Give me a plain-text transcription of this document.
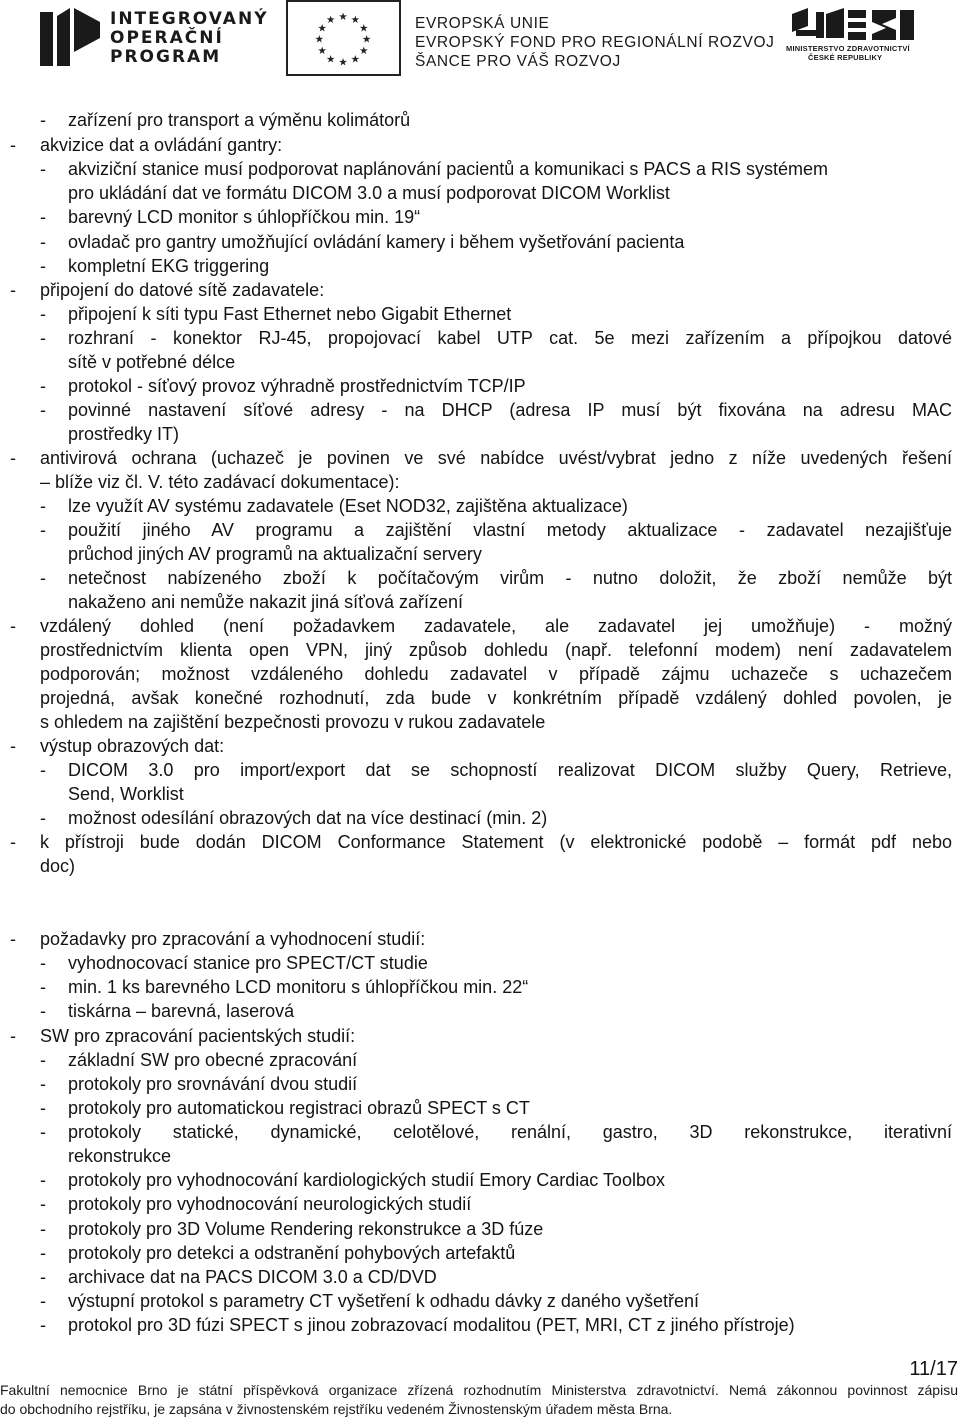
INTEGROVANÝ
OPERAČNÍ
PROGRAM
★ ★
★
★
★
★
★
★
★
★
★
★	EVROPSKÁ UNIE
EVROPSKÝ FOND PRO REGIONÁLNÍ ROZVOJ
ŠANCE PRO VÁŠ ROZVOJ
MINISTERSTVO ZDRAVOTNICTVÍ
ČESKÉ REPUBLIKY
- zařízení pro transport a výměnu kolimátorů
- akvizice dat a ovládání gantry:
- akviziční stanice musí podporovat naplánování pacientů a komunikaci s PACS a RIS systémem
pro ukládání dat ve formátu DICOM 3.0 a musí podporovat DICOM Worklist
- barevný LCD monitor s úhlopříčkou min. 19“
- ovladač pro gantry umožňující ovládání kamery i během vyšetřování pacienta
- kompletní EKG triggering
- připojení do datové sítě zadavatele:
- připojení k síti typu Fast Ethernet nebo Gigabit Ethernet
- rozhraní - konektor RJ-45, propojovací kabel UTP cat. 5e mezi zařízením a přípojkou datové
sítě v potřebné délce
- protokol - síťový provoz výhradně prostřednictvím TCP/IP
- povinné nastavení síťové adresy - na DHCP (adresa IP musí být fixována na adresu MAC
prostředky IT)
- antivirová ochrana (uchazeč je povinen ve své nabídce uvést/vybrat jedno z níže uvedených řešení
– blíže viz čl. V. této zadávací dokumentace):
- lze využít AV systému zadavatele (Eset NOD32, zajištěna aktualizace)
- použití jiného AV programu a zajištění vlastní metody aktualizace - zadavatel nezajišťuje
průchod jiných AV programů na aktualizační servery
- netečnost nabízeného zboží k počítačovým virům - nutno doložit, že zboží nemůže být
nakaženo ani nemůže nakazit jiná síťová zařízení
- vzdálený dohled (není požadavkem zadavatele, ale zadavatel jej umožňuje) - možný
prostřednictvím klienta open VPN, jiný způsob dohledu (např. telefonní modem) není zadavatelem
podporován; možnost vzdáleného dohledu zadavatel v případě zájmu uchazeče s uchazečem
projedná, avšak konečné rozhodnutí, zda bude v konkrétním případě vzdálený dohled povolen, je
s ohledem na zajištění bezpečnosti provozu v rukou zadavatele
- výstup obrazových dat:
- DICOM 3.0 pro import/export dat se schopností realizovat DICOM služby Query, Retrieve,
Send, Worklist
- možnost odesílání obrazových dat na více destinací (min. 2)
- k přístroji bude dodán DICOM Conformance Statement (v elektronické podobě – formát pdf nebo
doc)
- požadavky pro zpracování a vyhodnocení studií:
- vyhodnocovací stanice pro SPECT/CT studie
- min. 1 ks barevného LCD monitoru s úhlopříčkou min. 22“
- tiskárna – barevná, laserová
- SW pro zpracování pacientských studií:
- základní SW pro obecné zpracování
- protokoly pro srovnávání dvou studií
- protokoly pro automatickou registraci obrazů SPECT s CT
- protokoly statické, dynamické, celotělové, renální, gastro, 3D rekonstrukce, iterativní
rekonstrukce
- protokoly pro vyhodnocování kardiologických studií Emory Cardiac Toolbox
- protokoly pro vyhodnocování neurologických studií
- protokoly pro 3D Volume Rendering rekonstrukce a 3D fúze
- protokoly pro detekci a odstranění pohybových artefaktů
- archivace dat na PACS DICOM 3.0 a CD/DVD
- výstupní protokol s parametry CT vyšetření k odhadu dávky z daného vyšetření
- protokol pro 3D fúzi SPECT s jinou zobrazovací modalitou (PET, MRI, CT z jiného přístroje)
11/17
Fakultní nemocnice Brno je státní příspěvková organizace zřízená rozhodnutím Ministerstva zdravotnictví. Nemá zákonnou povinnost zápisu
do obchodního rejstříku, je zapsána v živnostenském rejstříku vedeném Živnostenským úřadem města Brna.
